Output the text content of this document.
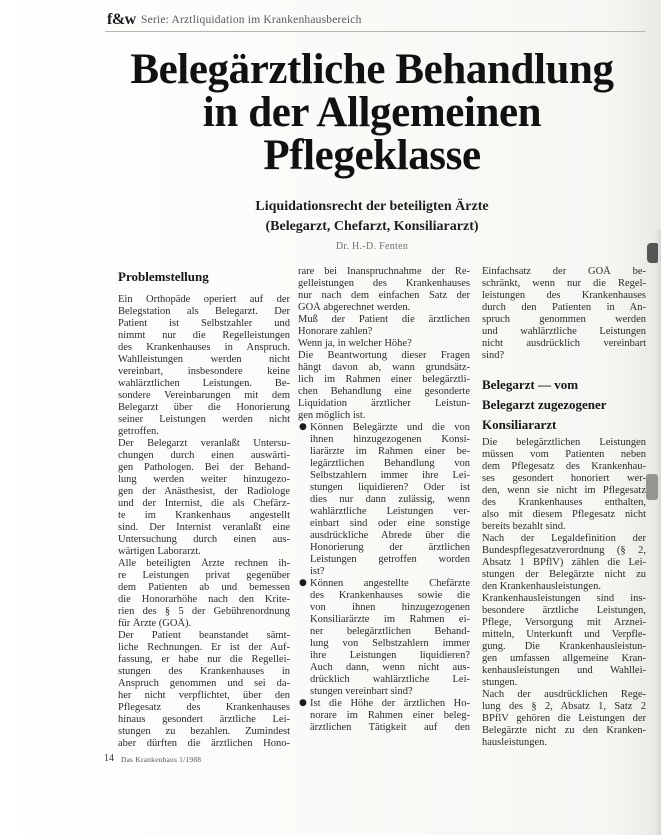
f&w Serie: Arztliquidation im Krankenhausbereich
Belegärztliche Behandlung
in der Allgemeinen
Pflegeklasse
Liquidationsrecht der beteiligten Ärzte
(Belegarzt, Chefarzt, Konsiliararzt)
Dr. H.-D. Fenten
Problemstellung
Ein Orthopäde operiert auf der
Belegstation als Belegarzt. Der
Patient ist Selbstzahler und
nimmt nur die Regelleistungen
des Krankenhauses in Anspruch.
Wahlleistungen werden nicht
vereinbart, insbesondere keine
wahlärztlichen Leistungen. Be-
sondere Vereinbarungen mit dem
Belegarzt über die Honorierung
seiner Leistungen werden nicht
getroffen.
Der Belegarzt veranlaßt Untersu-
chungen durch einen auswärti-
gen Pathologen. Bei der Behand-
lung werden weiter hinzugezo-
gen der Anästhesist, der Radiologe
und der Internist, die als Chefärz-
te im Krankenhaus angestellt
sind. Der Internist veranlaßt eine
Untersuchung durch einen aus-
wärtigen Laborarzt.
Alle beteiligten Ärzte rechnen ih-
re Leistungen privat gegenüber
dem Patienten ab und bemessen
die Honorarhöhe nach den Krite-
rien des § 5 der Gebührenordnung
für Ärzte (GOÄ).
Der Patient beanstandet sämt-
liche Rechnungen. Er ist der Auf-
fassung, er habe nur die Regellei-
stungen des Krankenhauses in
Anspruch genommen und sei da-
her nicht verpflichtet, über den
Pflegesatz des Krankenhauses
hinaus gesondert ärztliche Lei-
stungen zu bezahlen. Zumindest
aber dürften die ärztlichen Hono-
rare bei Inanspruchnahme der Re-
gelleistungen des Krankenhauses
nur nach dem einfachen Satz der
GOÄ abgerechnet werden.
Muß der Patient die ärztlichen
Honorare zahlen?
Wenn ja, in welcher Höhe?
Die Beantwortung dieser Fragen
hängt davon ab, wann grundsätz-
lich im Rahmen einer belegärztli-
chen Behandlung eine gesonderte
Liquidation ärztlicher Leistun-
gen möglich ist.
● Können Belegärzte und die von
ihnen hinzugezogenen Konsi-
liarärzte im Rahmen einer be-
legärztlichen Behandlung von
Selbstzahlern immer ihre Lei-
stungen liquidieren? Oder ist
dies nur dann zulässig, wenn
wahlärztliche Leistungen ver-
einbart sind oder eine sonstige
ausdrückliche Abrede über die
Honorierung der ärztlichen
Leistungen getroffen worden
ist?
● Können angestellte Chefärzte
des Krankenhauses sowie die
von ihnen hinzugezogenen
Konsiliarärzte im Rahmen ei-
ner belegärztlichen Behand-
lung von Selbstzahlern immer
ihre Leistungen liquidieren?
Auch dann, wenn nicht aus-
drücklich wahlärztliche Lei-
stungen vereinbart sind?
● Ist die Höhe der ärztlichen Ho-
norare im Rahmen einer beleg-
ärztlichen Tätigkeit auf den
Einfachsatz der GOÄ be-
schränkt, wenn nur die Regel-
leistungen des Krankenhauses
durch den Patienten in An-
spruch genommen werden
und wahlärztliche Leistungen
nicht ausdrücklich vereinbart
sind?
Belegarzt — vom
Belegarzt zugezogener
Konsiliararzt
Die belegärztlichen Leistungen
müssen vom Patienten neben
dem Pflegesatz des Krankenhau-
ses gesondert honoriert wer-
den, wenn sie nicht im Pflegesatz
des Krankenhauses enthalten,
also mit diesem Pflegesatz nicht
bereits bezahlt sind.
Nach der Legaldefinition der
Bundespflegesatzverordnung (§ 2,
Absatz 1 BPflV) zählen die Lei-
stungen der Belegärzte nicht zu
den Krankenhausleistungen.
Krankenhausleistungen sind ins-
besondere ärztliche Leistungen,
Pflege, Versorgung mit Arznei-
mitteln, Unterkunft und Verpfle-
gung. Die Krankenhausleistun-
gen umfassen allgemeine Kran-
kenhausleistungen und Wahllei-
stungen.
Nach der ausdrücklichen Rege-
lung des § 2, Absatz 1, Satz 2
BPflV gehören die Leistungen der
Belegärzte nicht zu den Kranken-
hausleistungen.
14 Das Krankenhaus 1/1988
